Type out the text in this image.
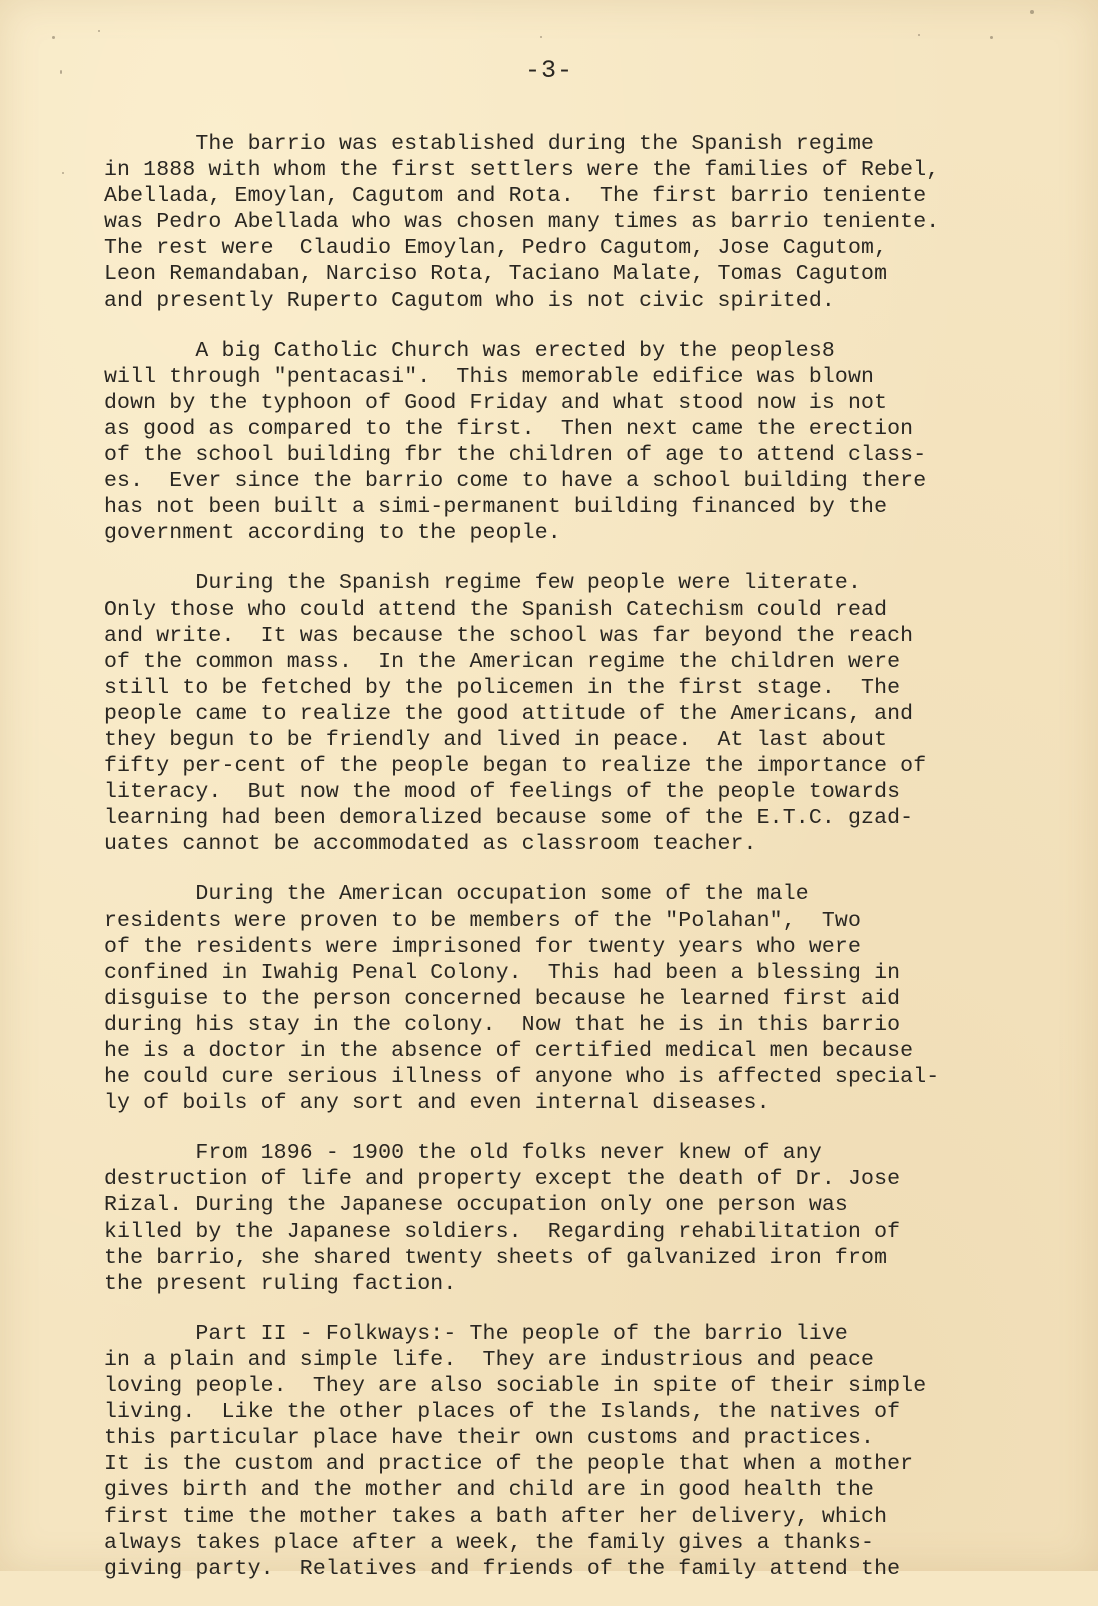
-3-
The barrio was established during the Spanish regime
in 1888 with whom the first settlers were the families of Rebel,
Abellada, Emoylan, Cagutom and Rota.  The first barrio teniente
was Pedro Abellada who was chosen many times as barrio teniente.
The rest were  Claudio Emoylan, Pedro Cagutom, Jose Cagutom,
Leon Remandaban, Narciso Rota, Taciano Malate, Tomas Cagutom
and presently Ruperto Cagutom who is not civic spirited.
A big Catholic Church was erected by the peoples8
will through "pentacasi".  This memorable edifice was blown
down by the typhoon of Good Friday and what stood now is not
as good as compared to the first.  Then next came the erection
of the school building fbr the children of age to attend class-
es.  Ever since the barrio come to have a school building there
has not been built a simi-permanent building financed by the
government according to the people.
During the Spanish regime few people were literate.
Only those who could attend the Spanish Catechism could read
and write.  It was because the school was far beyond the reach
of the common mass.  In the American regime the children were
still to be fetched by the policemen in the first stage.  The
people came to realize the good attitude of the Americans, and
they begun to be friendly and lived in peace.  At last about
fifty per-cent of the people began to realize the importance of
literacy.  But now the mood of feelings of the people towards
learning had been demoralized because some of the E.T.C. gzad-
uates cannot be accommodated as classroom teacher.
During the American occupation some of the male
residents were proven to be members of the "Polahan",  Two
of the residents were imprisoned for twenty years who were
confined in Iwahig Penal Colony.  This had been a blessing in
disguise to the person concerned because he learned first aid
during his stay in the colony.  Now that he is in this barrio
he is a doctor in the absence of certified medical men because
he could cure serious illness of anyone who is affected special-
ly of boils of any sort and even internal diseases.
From 1896 - 1900 the old folks never knew of any
destruction of life and property except the death of Dr. Jose
Rizal. During the Japanese occupation only one person was
killed by the Japanese soldiers.  Regarding rehabilitation of
the barrio, she shared twenty sheets of galvanized iron from
the present ruling faction.
Part II - Folkways:- The people of the barrio live
in a plain and simple life.  They are industrious and peace
loving people.  They are also sociable in spite of their simple
living.  Like the other places of the Islands, the natives of
this particular place have their own customs and practices.
It is the custom and practice of the people that when a mother
gives birth and the mother and child are in good health the
first time the mother takes a bath after her delivery, which
always takes place after a week, the family gives a thanks-
giving party.  Relatives and friends of the family attend the
